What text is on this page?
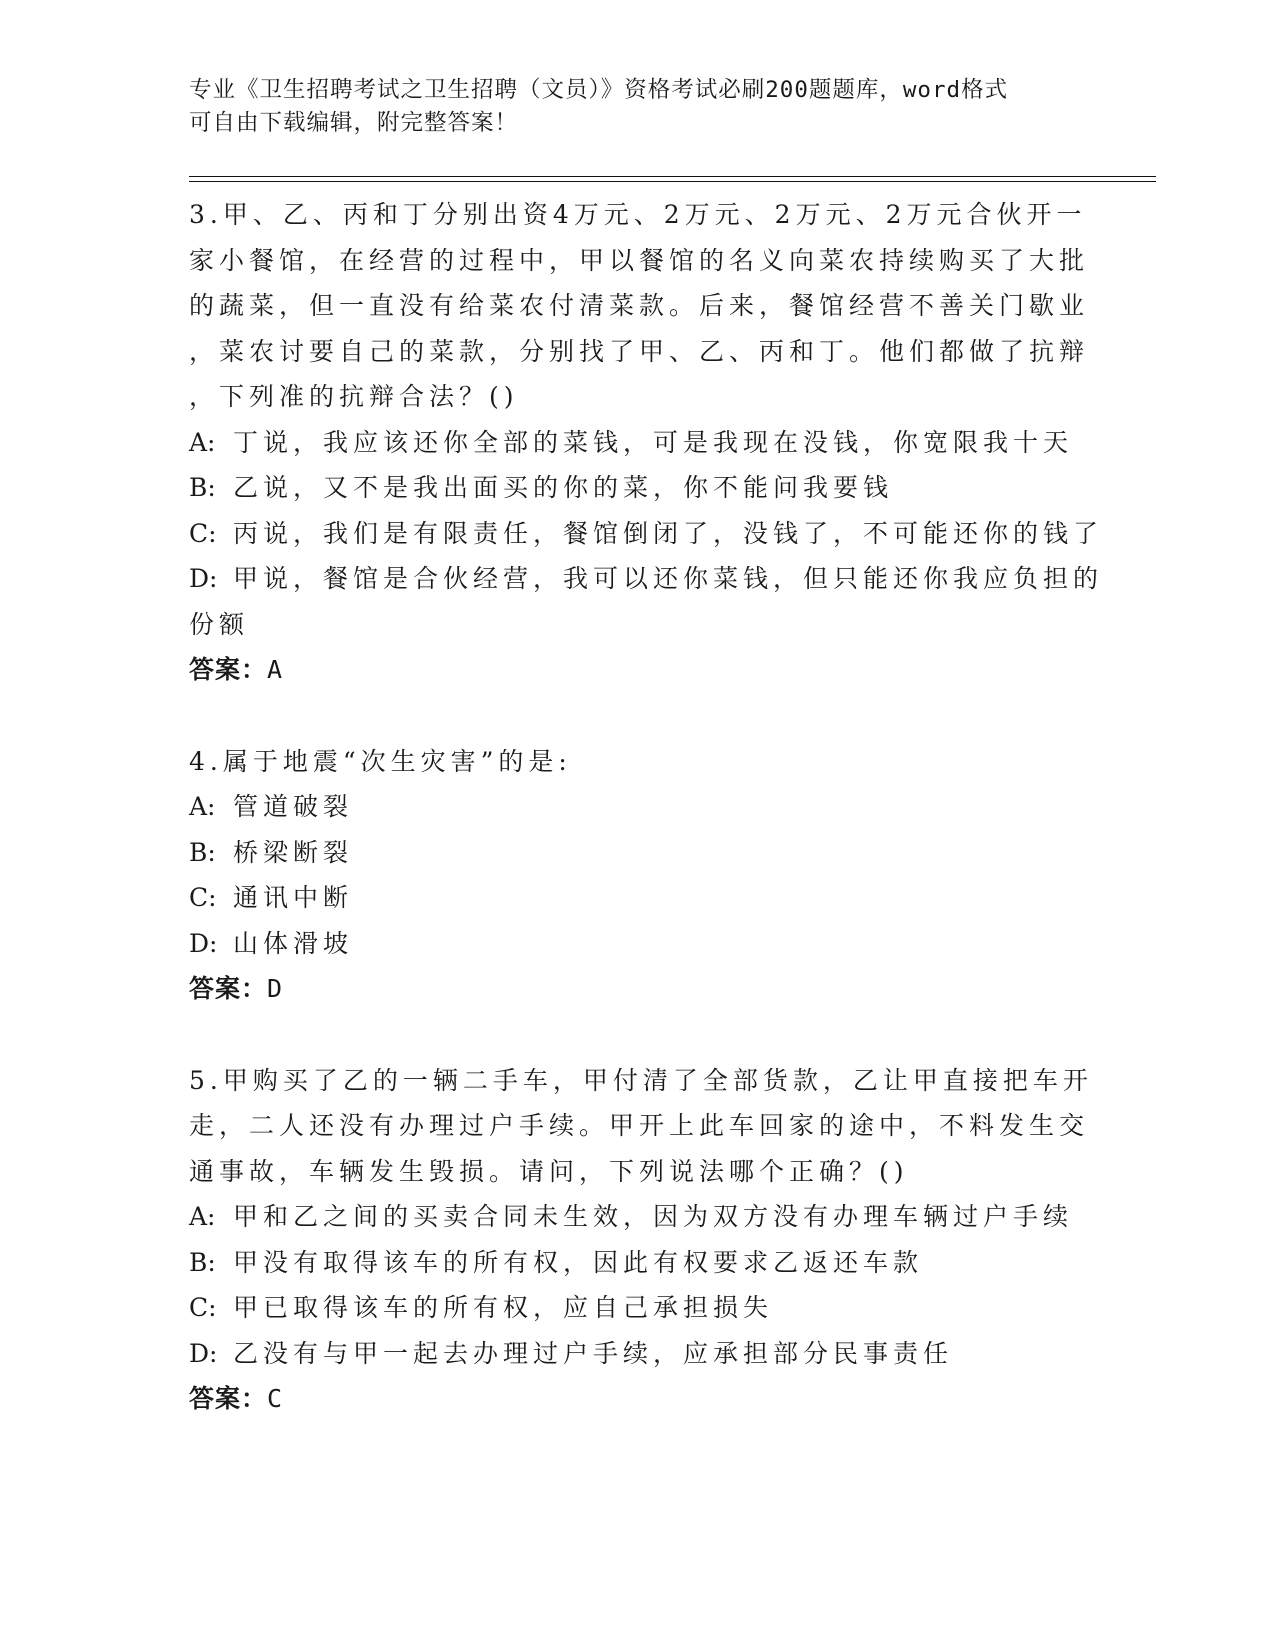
专业《卫生招聘考试之卫生招聘（文员）》资格考试必刷200题题库，word格式
可自由下载编辑，附完整答案！
3.甲、乙、丙和丁分别出资4万元、2万元、2万元、2万元合伙开一
家小餐馆，在经营的过程中，甲以餐馆的名义向菜农持续购买了大批
的蔬菜，但一直没有给菜农付清菜款。后来，餐馆经营不善关门歇业
，菜农讨要自己的菜款，分别找了甲、乙、丙和丁。他们都做了抗辩
，下列准的抗辩合法？()
A: 丁说，我应该还你全部的菜钱，可是我现在没钱，你宽限我十天
B: 乙说，又不是我出面买的你的菜，你不能问我要钱
C: 丙说，我们是有限责任，餐馆倒闭了，没钱了，不可能还你的钱了
D: 甲说，餐馆是合伙经营，我可以还你菜钱，但只能还你我应负担的
份额
答案：A
4.属于地震“次生灾害”的是:
A: 管道破裂
B: 桥梁断裂
C: 通讯中断
D: 山体滑坡
答案：D
5.甲购买了乙的一辆二手车，甲付清了全部货款，乙让甲直接把车开
走，二人还没有办理过户手续。甲开上此车回家的途中，不料发生交
通事故，车辆发生毁损。请问，下列说法哪个正确？()
A: 甲和乙之间的买卖合同未生效，因为双方没有办理车辆过户手续
B: 甲没有取得该车的所有权，因此有权要求乙返还车款
C: 甲已取得该车的所有权，应自己承担损失
D: 乙没有与甲一起去办理过户手续，应承担部分民事责任
答案：C
